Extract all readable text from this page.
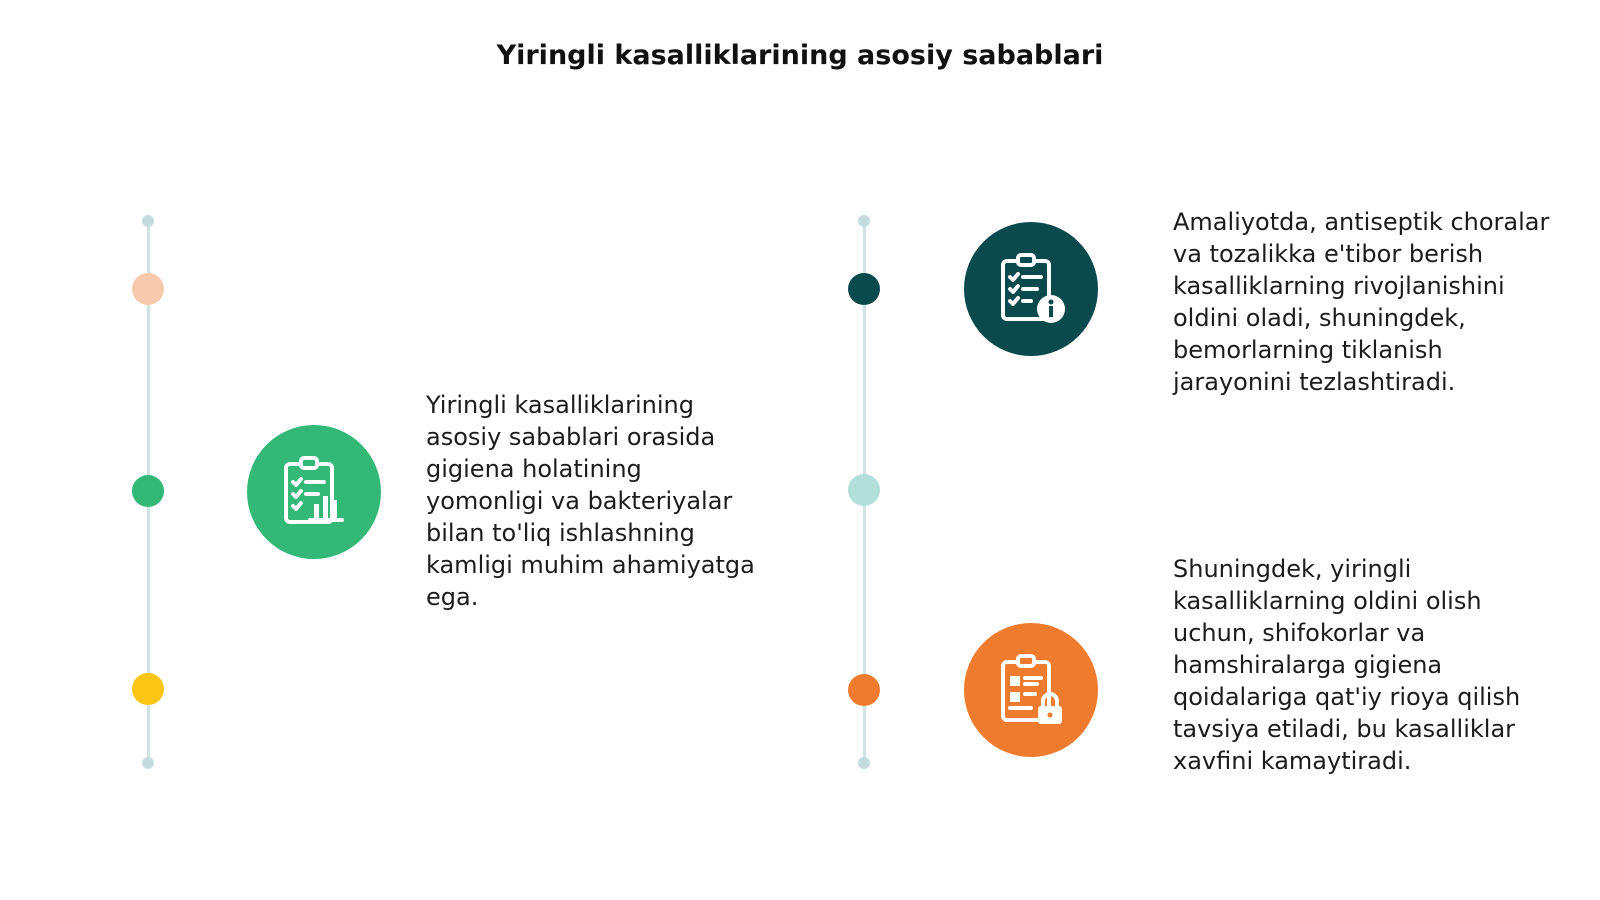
Yiringli kasalliklarining asosiy sabablari
Yiringli kasalliklarining asosiy sabablari orasida gigiena holatining yomonligi va bakteriyalar bilan to'liq ishlashning kamligi muhim ahamiyatga ega.
Amaliyotda, antiseptik choralar va tozalikka e'tibor berish kasalliklarning rivojlanishini oldini oladi, shuningdek, bemorlarning tiklanish jarayonini tezlashtiradi.
Shuningdek, yiringli kasalliklarning oldini olish uchun, shifokorlar va hamshiralarga gigiena qoidalariga qat'iy rioya qilish tavsiya etiladi, bu kasalliklar xavfini kamaytiradi.
